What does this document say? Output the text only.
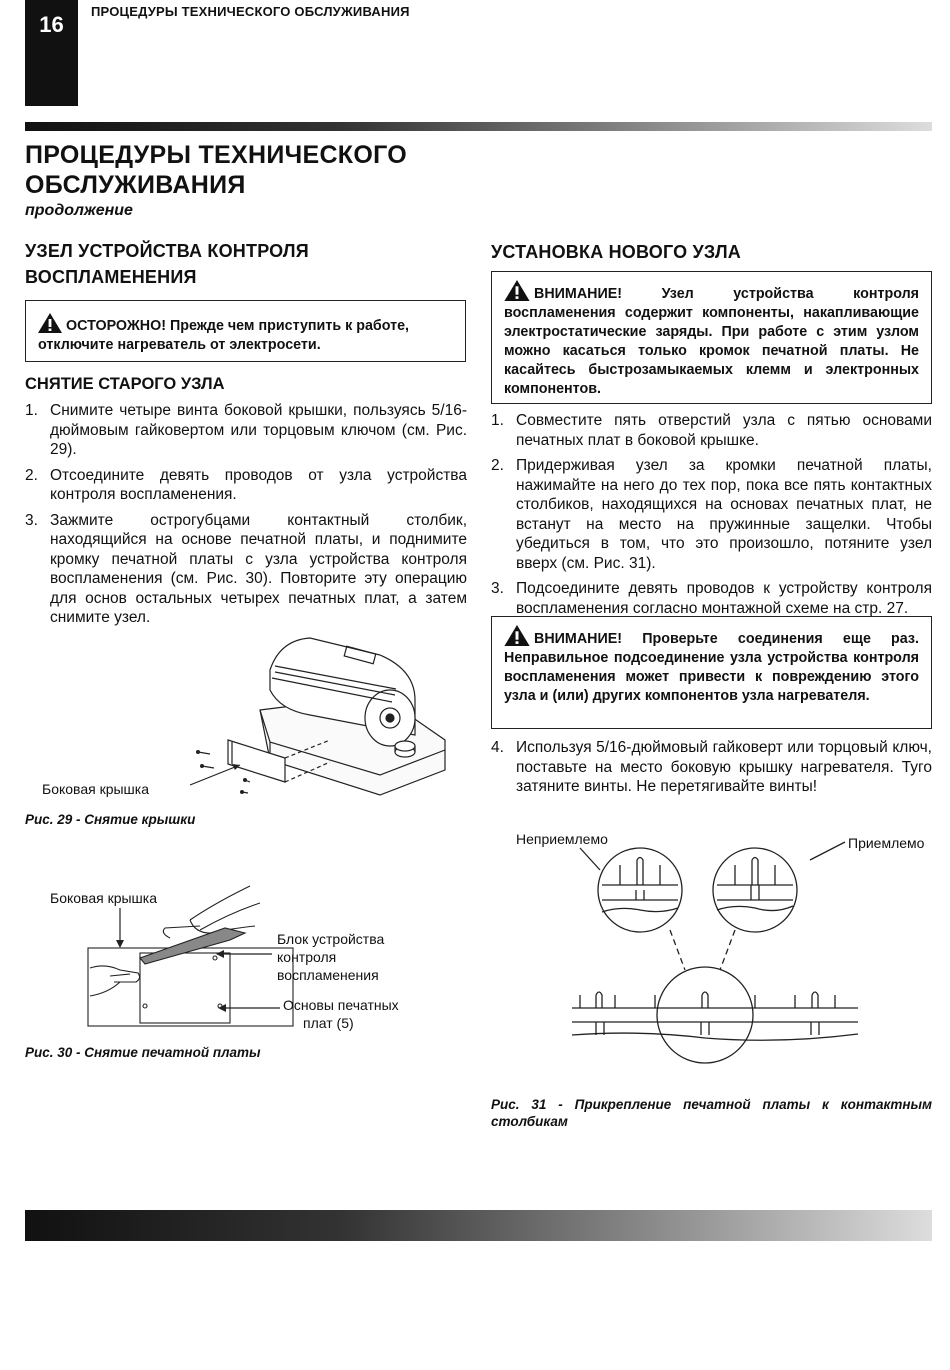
16
ПРОЦЕДУРЫ ТЕХНИЧЕСКОГО ОБСЛУЖИВАНИЯ
ПРОЦЕДУРЫ ТЕХНИЧЕСКОГО
ОБСЛУЖИВАНИЯ
продолжение
УЗЕЛ УСТРОЙСТВА КОНТРОЛЯ
ВОСПЛАМЕНЕНИЯ
ОСТОРОЖНО! Прежде чем приступить к работе, отключите нагреватель от электросети.
СНЯТИЕ СТАРОГО УЗЛА
1. Снимите четыре винта боковой крышки, пользуясь 5/16-дюймовым гайковертом или торцовым ключом (см. Рис. 29).
2. Отсоедините девять проводов от узла устройства контроля воспламенения.
3. Зажмите острогубцами контактный столбик, находящийся на основе печатной платы, и поднимите кромку печатной платы с узла устройства контроля воспламенения (см. Рис. 30). Повторите эту операцию для основ остальных четырех печатных плат, а затем снимите узел.
Боковая крышка
Рис. 29 - Снятие крышки
Боковая крышка
Блок устройства
контроля
воспламенения
Основы печатных
плат (5)
Рис. 30 - Снятие печатной платы
УСТАНОВКА НОВОГО УЗЛА
ВНИМАНИЕ! Узел устройства контроля воспламенения содержит компоненты, накапливающие электростатические заряды. При работе с этим узлом можно касаться только кромок печатной платы. Не касайтесь быстрозамыкаемых клемм и электронных компонентов.
1. Совместите пять отверстий узла с пятью основами печатных плат в боковой крышке.
2. Придерживая узел за кромки печатной платы, нажимайте на него до тех пор, пока все пять контактных столбиков, находящихся на основах печатных плат, не встанут на место на пружинные защелки. Чтобы убедиться в том, что это произошло, потяните узел вверх (см. Рис. 31).
3. Подсоедините девять проводов к устройству контроля воспламенения согласно монтажной схеме на стр. 27.
ВНИМАНИЕ! Проверьте соединения еще раз. Неправильное подсоединение узла устройства контроля воспламенения может привести к повреждению этого узла и (или) других компонентов узла нагревателя.
4. Используя 5/16-дюймовый гайковерт или торцовый ключ, поставьте на место боковую крышку нагревателя. Туго затяните винты. Не перетягивайте винты!
Неприемлемо	Приемлемо
Рис. 31 - Прикрепление печатной платы к контактным столбикам
